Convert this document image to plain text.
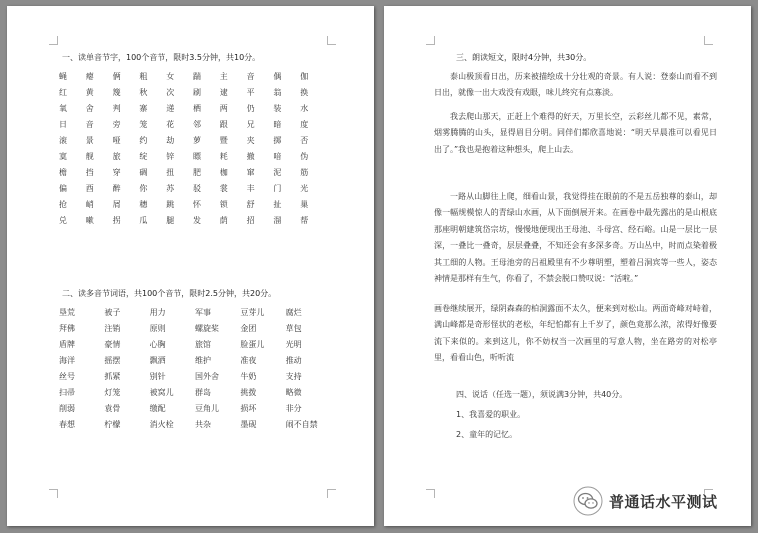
一、读单音节字，100个音节，限时3.5分钟，共10分。
蝇	瘪	俩	粗	女	踹	主	音	偶	伽
红	黄	篾	秋	次	刷	逮	平	翁	换
氧	舍	判	寨	递	栖	两	仍	装	水
日	音	旁	笼	花	邻	跟	兄	暗	度
滚	景	哑	约	劫	萝	暨	夹	掷	否
寞	舰	旅	绽	锌	瞟	耗	撤	喑	伪
檐	挡	穿	碉	扭	肥	枷	窜	泥	筋
偏	酉	醉	你	苏	驳	裳	丰	门	光
抢	峭	屑	穗	跳	怀	锁	舒	扯	巢
兑	嗽	拐	瓜	腿	发	荫	招	溜	帮
二、读多音节词语，共100个音节，限时2.5分钟，共20分。
垦荒	被子	用力	军事	豆芽儿	腐烂
拜佛	注销	原则	螺旋桨	金团	草包
盾牌	豪情	心胸	旅馆	脸蛋儿	光明
海洋	摇摆	飘洒	维护	准夜	推动
丝号	抓紧	别针	国外舍	牛奶	支持
扫帚	灯笼	被窝儿	群岛	挑拨	略微
削弱	袁骨	缴配	豆角儿	损坏	非分
春想	柠檬	消火栓	共杂	墨砚	闹不自禁
三、朗读短文，限时4分钟，共30分。

泰山极顶看日出，历来被描绘成十分壮观的奇景。有人说：登泰山而看不到日出，就像一出大戏没有戏眼，味儿终究有点寡淡。

我去爬山那天，正赶上个难得的好天，万里长空，云彩丝儿都不见，素常，烟雾腾腾的山头，显得眉目分明。同伴们都欣喜地说：“明天早晨准可以看见日出了。”我也是抱着这种想头，爬上山去。

一路从山脚往上爬，细看山景，我觉得挂在眼前的不是五岳独尊的泰山，却像一幅规模惊人的青绿山水画，从下面倒展开来。在画卷中最先露出的是山根底那座明朝建筑岱宗坊，慢慢地便现出王母池、斗母宫、经石峪。山是一层比一层深，一叠比一叠奇，层层叠叠，不知还会有多深多奇。万山丛中，时而点染着极其工细的人物。王母池旁的吕祖殿里有不少尊明塑，塑着吕洞宾等一些人，姿态神情是那样有生气，你看了，不禁会脱口赞叹说：“活啦。”

画卷继续展开，绿阴森森的柏洞露面不太久，便来到对松山。两面奇峰对峙着，满山峰都是奇形怪状的老松，年纪怕都有上千岁了，颜色竟那么浓，浓得好像要流下来似的。来到这儿，你不妨权当一次画里的写意人物，坐在路旁的对松亭里，看看山色，听听流

四、说话（任选一题），须说满3分钟，共40分。
1、我喜爱的职业。
2、童年的记忆。
普通话水平测试
